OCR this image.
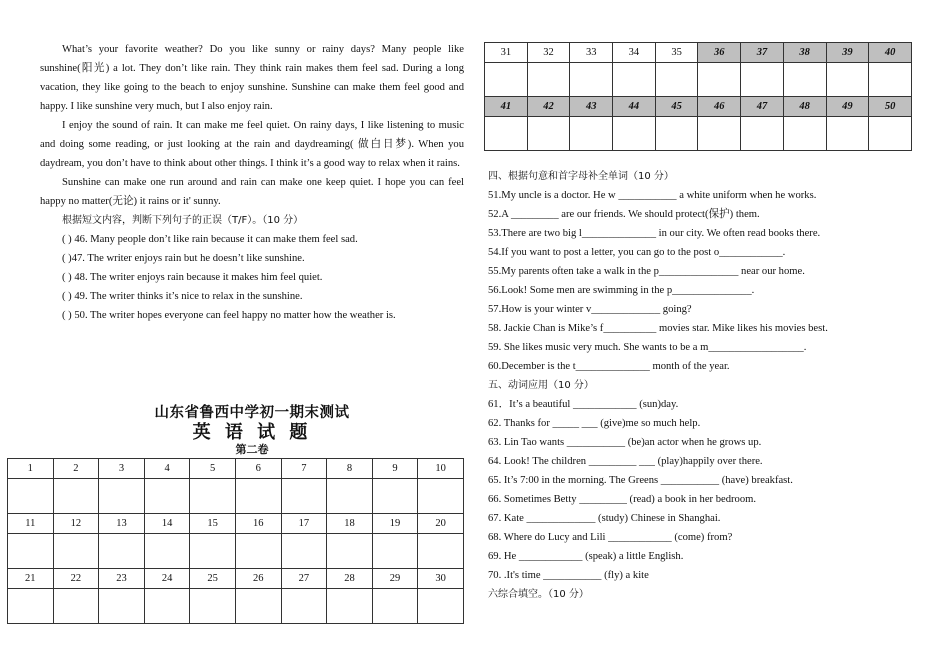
What’s your favorite weather? Do you like sunny or rainy days? Many people like sunshine(阳光) a lot. They don’t like rain. They think rain makes them feel sad. During a long vacation, they like going to the beach to enjoy sunshine. Sunshine can make them feel good and happy. I like sunshine very much, but I also enjoy rain.

I enjoy the sound of rain. It can make me feel quiet. On rainy days, I like listening to music and doing some reading, or just looking at the rain and daydreaming( 做白日梦). When you daydream, you don’t have to think about other things. I think it’s a good way to relax when it rains.

Sunshine can make one run around and rain can make one keep quiet. I hope you can feel happy no matter(无论) it rains or it' sunny.

根据短文内容，判断下列句子的正误（T/F）。（10 分）

( ) 46. Many people don’t like rain because it can make them feel sad.

( )47. The writer enjoys rain but he doesn’t like sunshine.

( ) 48. The writer enjoys rain because it makes him feel quiet.

( ) 49. The writer thinks it’s nice to relax in the sunshine.

( ) 50. The writer hopes everyone can feel happy no matter how the weather is.

山东省鲁西中学初一期末测试
英 语 试 题
第二卷
1	2	3	4	5	6	7	8	9	10

11	12	13	14	15	16	17	18	19	20

21	22	23	24	25	26	27	28	29	30

31	32	33	34	35	36	37	38	39	40

41	42	43	44	45	46	47	48	49	50

四、根据句意和首字母补全单词（10 分）

51.My uncle is a doctor. He w ___________ a white uniform when he works.

52.A _________ are our friends. We should protect(保护) them.

53.There are two big l______________ in our city. We often read books there.

54.If you want to post a letter, you can go to the post o____________.

55.My parents often take a walk in the p_______________ near our home.

56.Look! Some men are swimming in the p_______________.

57.How is your winter v_____________ going?

58. Jackie Chan is Mike’s f__________ movies star. Mike likes his movies best.

59. She likes music very much. She wants to be a m__________________.

60.December is the t______________ month of the year.

五、动词应用（10 分）

61．It’s a beautiful ____________ (sun)day.

62. Thanks for _____ ___ (give)me so much help.

63. Lin Tao wants ___________ (be)an actor when he grows up.

64. Look! The children _________ ___ (play)happily over there.

65. It’s 7:00 in the morning. The Greens ___________ (have) breakfast.

66. Sometimes Betty _________ (read) a book in her bedroom.

67. Kate _____________ (study) Chinese in Shanghai.

68. Where do Lucy and Lili ____________ (come) from?

69. He ____________ (speak) a little English.

70. .It's time ___________ (fly) a kite

六综合填空。（10 分）
